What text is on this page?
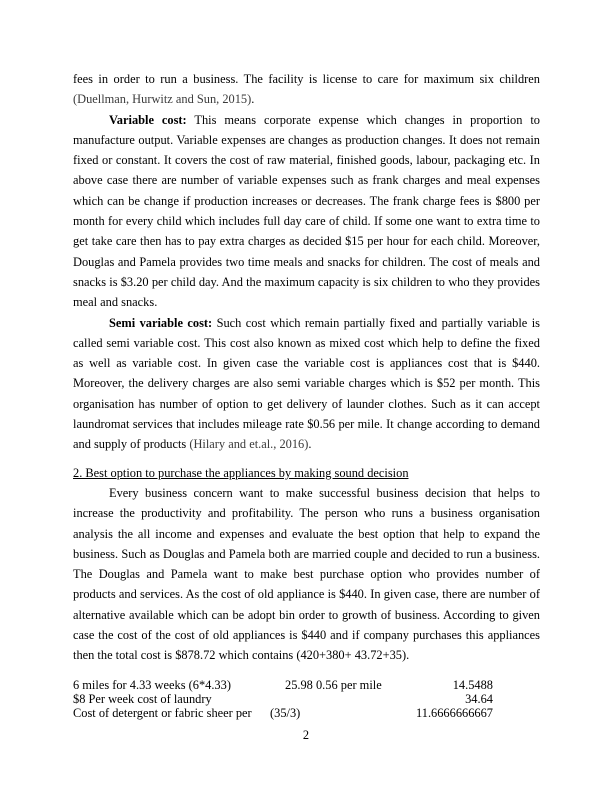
fees in order to run a business. The facility is license to care for maximum six children (Duellman, Hurwitz and Sun, 2015).

Variable cost: This means corporate expense which changes in proportion to manufacture output. Variable expenses are changes as production changes. It does not remain fixed or constant. It covers the cost of raw material, finished goods, labour, packaging etc. In above case there are number of variable expenses such as frank charges and meal expenses which can be change if production increases or decreases. The frank charge fees is $800 per month for every child which includes full day care of child. If some one want to extra time to get take care then has to pay extra charges as decided $15 per hour for each child. Moreover, Douglas and Pamela provides two time meals and snacks for children. The cost of meals and snacks is $3.20 per child day. And the maximum capacity is six children to who they provides meal and snacks.

Semi variable cost: Such cost which remain partially fixed and partially variable is called semi variable cost. This cost also known as mixed cost which help to define the fixed as well as variable cost. In given case the variable cost is appliances cost that is $440. Moreover, the delivery charges are also semi variable charges which is $52 per month. This organisation has number of option to get delivery of launder clothes. Such as it can accept laundromat services that includes mileage rate $0.56 per mile. It change according to demand and supply of products (Hilary and et.al., 2016).

2. Best option to purchase the appliances by making sound decision

Every business concern want to make successful business decision that helps to increase the productivity and profitability. The person who runs a business organisation analysis the all income and expenses and evaluate the best option that help to expand the business. Such as Douglas and Pamela both are married couple and decided to run a business. The Douglas and Pamela want to make best purchase option who provides number of products and services. As the cost of old appliance is $440. In given case, there are number of alternative available which can be adopt bin order to growth of business. According to given case the cost of the cost of old appliances is $440 and if company purchases this appliances then the total cost is $878.72 which contains (420+380+ 43.72+35).

6 miles for 4.33 weeks (6*4.33)	25.98 0.56 per mile	14.5488
$8 Per week cost of laundry	34.64
Cost of detergent or fabric sheer per (35/3)	11.6666666667
2
